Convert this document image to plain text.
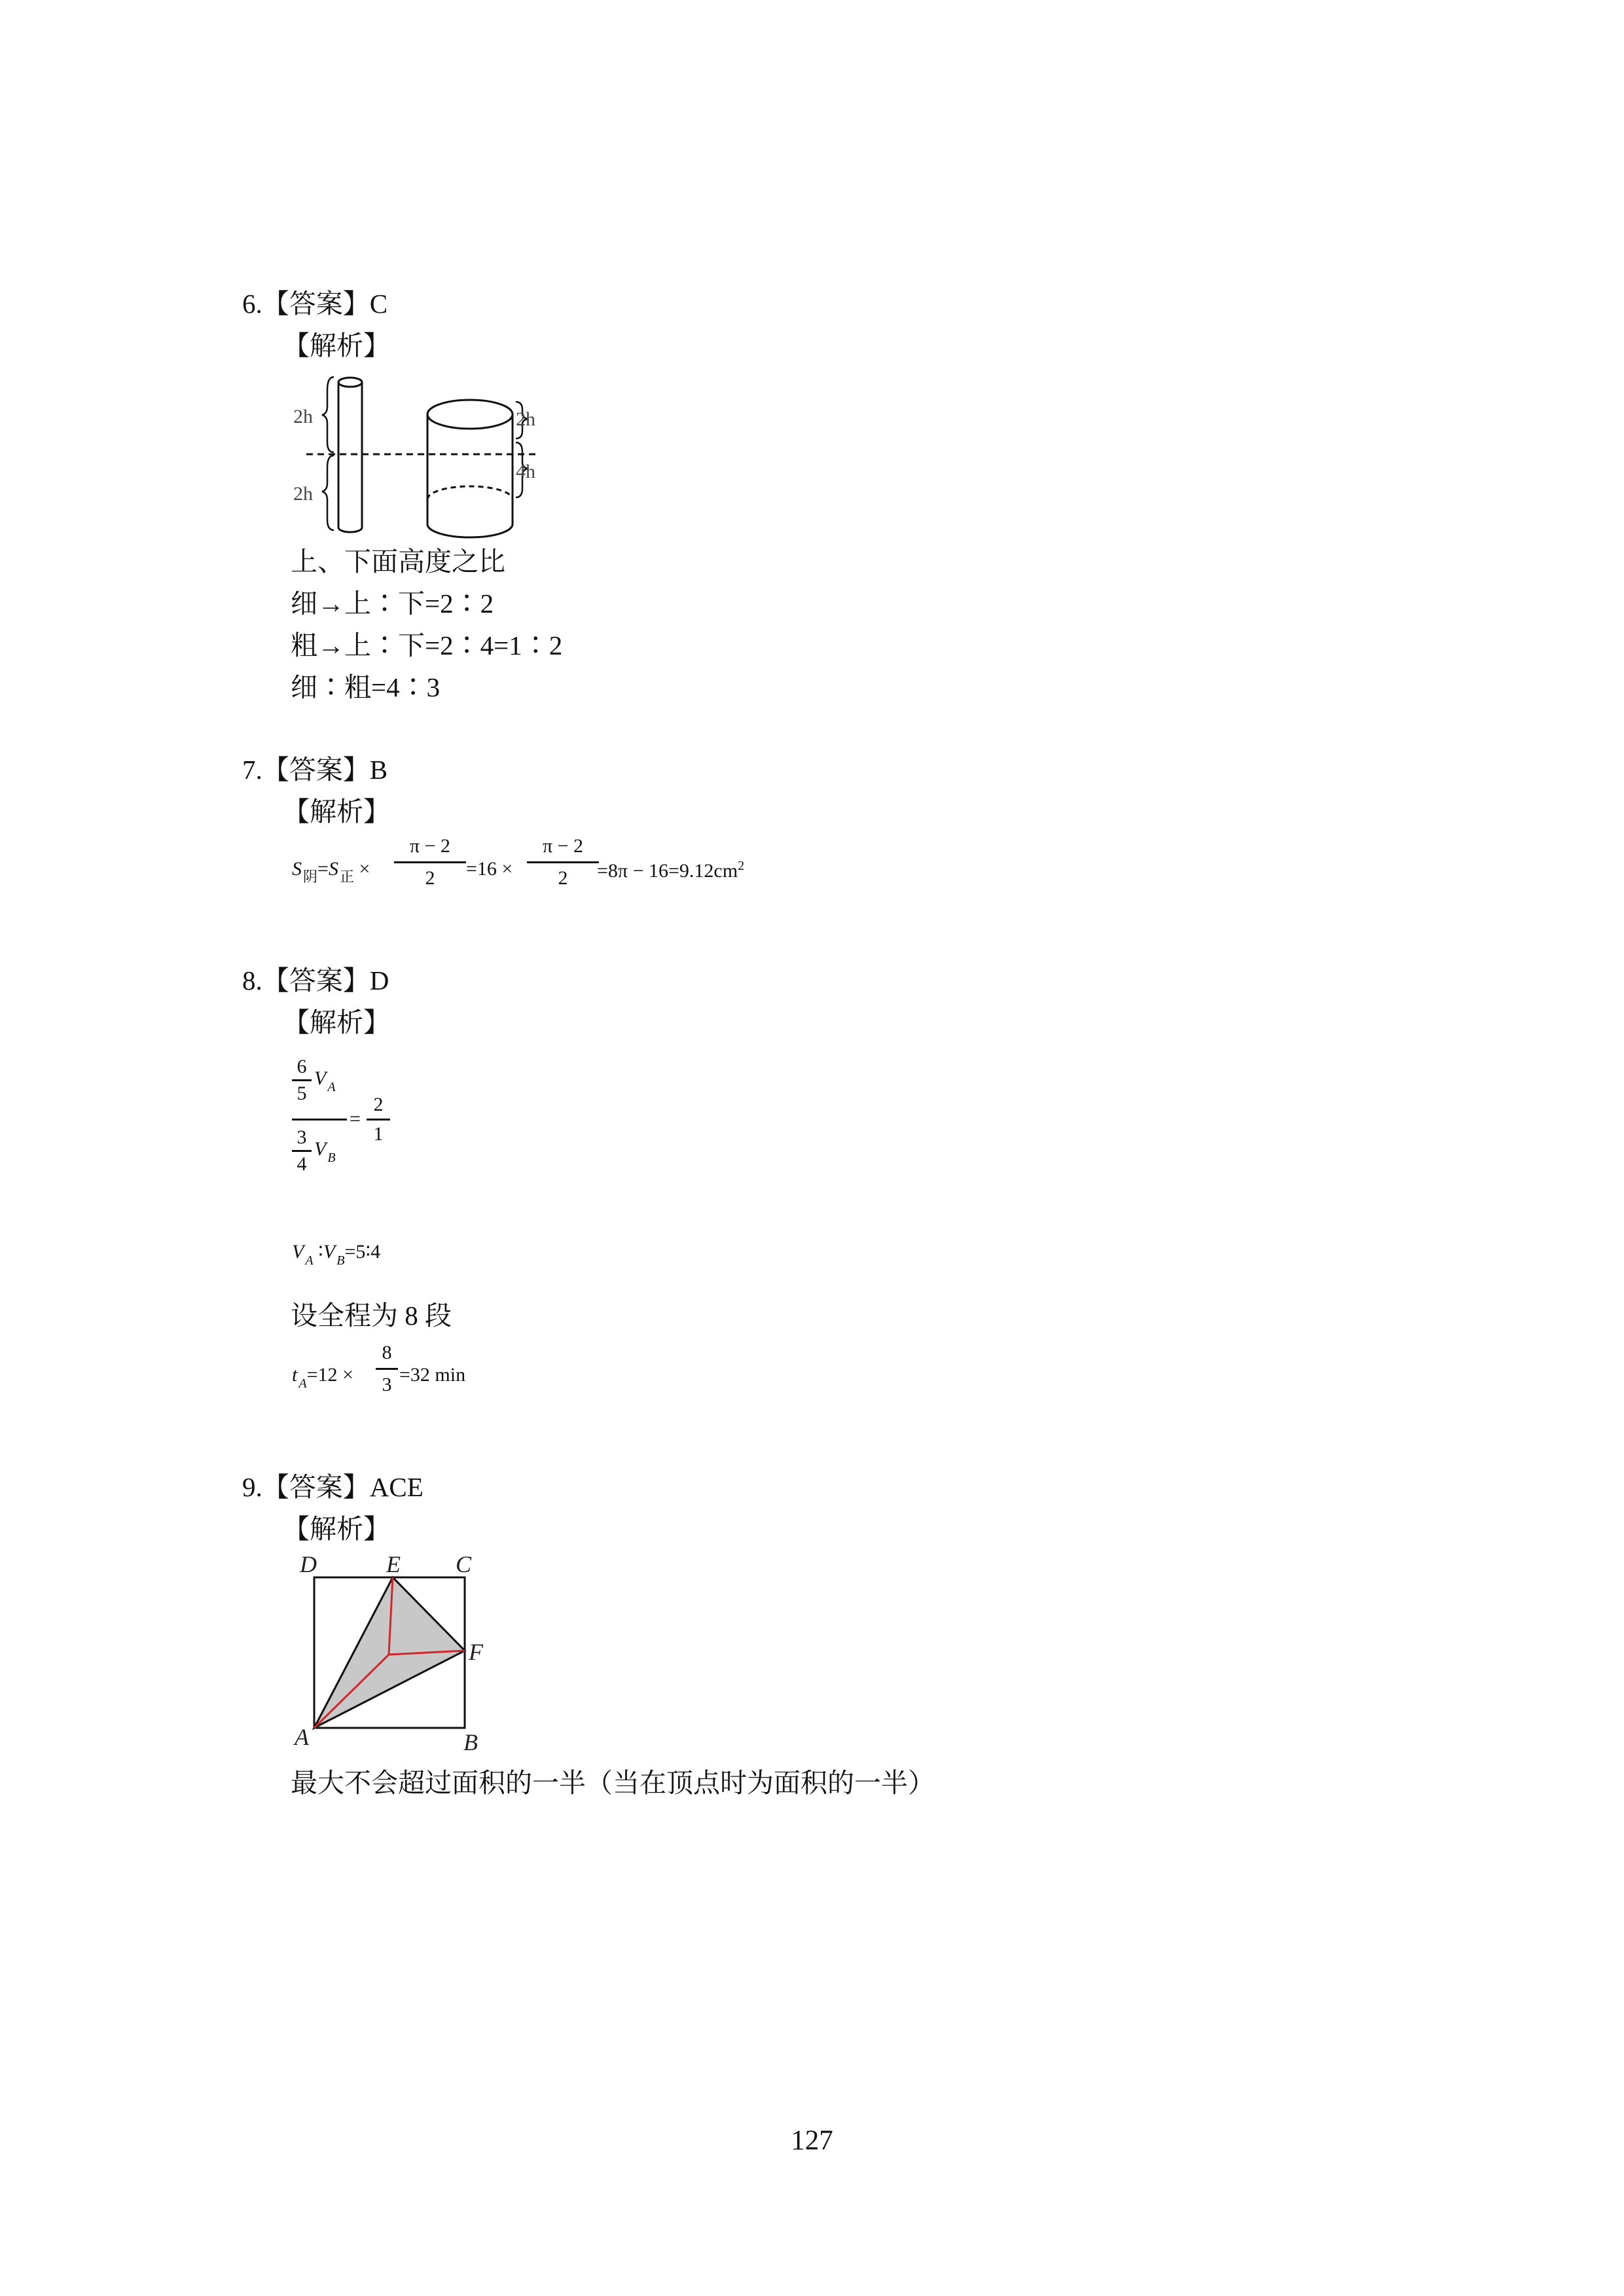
6.【答案】C
【解析】
2h
2h
2h
4h
上、下面高度之比
细→上∶下=2∶2
粗→上∶下=2∶4=1∶2
细∶粗=4∶3
7.【答案】B
【解析】
$S_阴=S_正 \times \frac{\pi - 2}{2} =16 \times \frac{\pi - 2}{2}$
$=8\pi - 16=9.12cm^2$
8.【答案】D
【解析】
$\frac{6}{5}$ V $_A$
$\frac{3}{4}$ V $_B$
= $\frac{2}{1}$
V $_A$ ∶V $_B$=5∶4
设全程为 8 段
t $_A=12 \times \frac{8}{3} =32$ min
9.【答案】ACE
【解析】
D	E C
F
A	B
最大不会超过面积的一半（当在顶点时为面积的一半）
127
